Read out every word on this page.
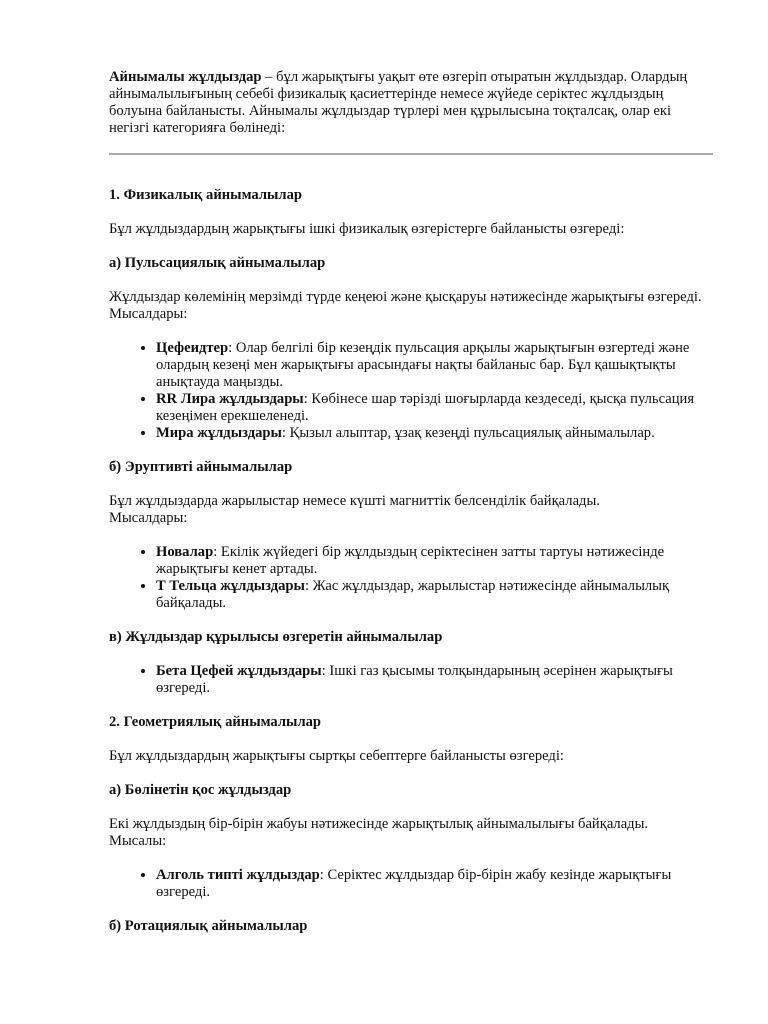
Айнымалы жұлдыздар – бұл жарықтығы уақыт өте өзгеріп отыратын жұлдыздар. Олардың айнымалылығының себебі физикалық қасиеттерінде немесе жүйеде серіктес жұлдыздың болуына байланысты. Айнымалы жұлдыздар түрлері мен құрылысына тоқталсақ, олар екі негізгі категорияға бөлінеді:

1. Физикалық айнымалылар

Бұл жұлдыздардың жарықтығы ішкі физикалық өзгерістерге байланысты өзгереді:

а) Пульсациялық айнымалылар

Жұлдыздар көлемінің мерзімді түрде кеңеюі және қысқаруы нәтижесінде жарықтығы өзгереді.
Мысалдары:

• Цефеидтер: Олар белгілі бір кезеңдік пульсация арқылы жарықтығын өзгертеді және олардың кезеңі мен жарықтығы арасындағы нақты байланыс бар. Бұл қашықтықты анықтауда маңызды.
• RR Лира жұлдыздары: Көбінесе шар тәрізді шоғырларда кездеседі, қысқа пульсация кезеңімен ерекшеленеді.
• Мира жұлдыздары: Қызыл алыптар, ұзақ кезеңді пульсациялық айнымалылар.
б) Эруптивті айнымалылар

Бұл жұлдыздарда жарылыстар немесе күшті магниттік белсенділік байқалады.
Мысалдары:

• Новалар: Екілік жүйедегі бір жұлдыздың серіктесінен затты тартуы нәтижесінде жарықтығы кенет артады.
• Т Тельца жұлдыздары: Жас жұлдыздар, жарылыстар нәтижесінде айнымалылық байқалады.
в) Жұлдыздар құрылысы өзгеретін айнымалылар
• Бета Цефей жұлдыздары: Ішкі газ қысымы толқындарының әсерінен жарықтығы өзгереді.
2. Геометриялық айнымалылар

Бұл жұлдыздардың жарықтығы сыртқы себептерге байланысты өзгереді:

а) Бөлінетін қос жұлдыздар

Екі жұлдыздың бір-бірін жабуы нәтижесінде жарықтылық айнымалылығы байқалады.
Мысалы:

• Алголь типті жұлдыздар: Серіктес жұлдыздар бір-бірін жабу кезінде жарықтығы өзгереді.
б) Ротациялық айнымалылар
